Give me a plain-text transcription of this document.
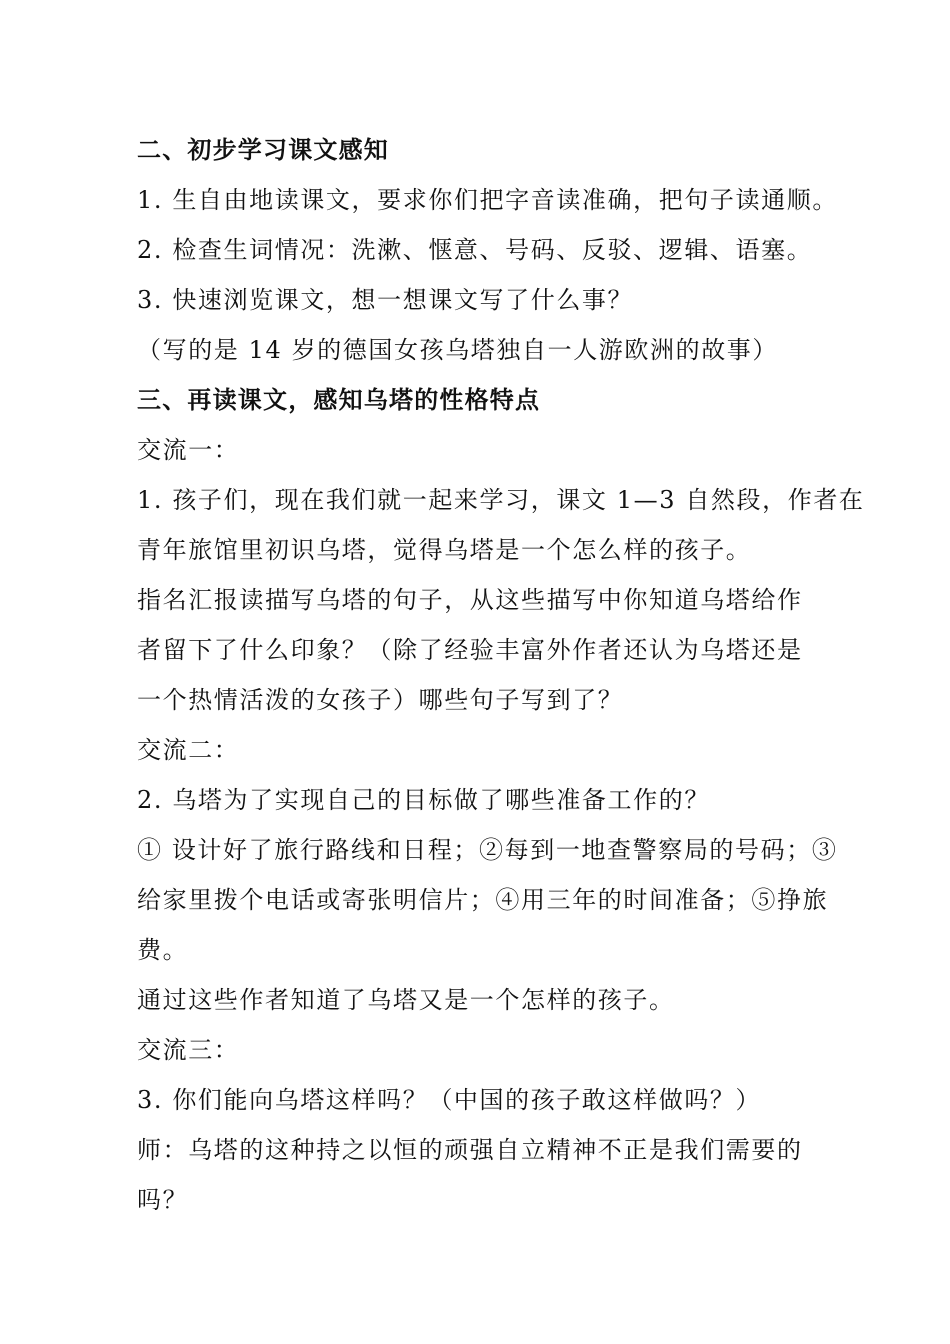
二、初步学习课文感知
1. 生自由地读课文，要求你们把字音读准确，把句子读通顺。
2. 检查生词情况：洗漱、惬意、号码、反驳、逻辑、语塞。
3. 快速浏览课文，想一想课文写了什么事？
（写的是 14 岁的德国女孩乌塔独自一人游欧洲的故事）
三、再读课文，感知乌塔的性格特点
交流一：
1. 孩子们，现在我们就一起来学习，课文 1—3 自然段，作者在
青年旅馆里初识乌塔，觉得乌塔是一个怎么样的孩子。
指名汇报读描写乌塔的句子，从这些描写中你知道乌塔给作
者留下了什么印象？（除了经验丰富外作者还认为乌塔还是
一个热情活泼的女孩子）哪些句子写到了？
交流二：
2. 乌塔为了实现自己的目标做了哪些准备工作的？
① 设计好了旅行路线和日程；②每到一地查警察局的号码；③
给家里拨个电话或寄张明信片；④用三年的时间准备；⑤挣旅
费。
通过这些作者知道了乌塔又是一个怎样的孩子。
交流三：
3. 你们能向乌塔这样吗？（中国的孩子敢这样做吗？）
师：乌塔的这种持之以恒的顽强自立精神不正是我们需要的
吗？
